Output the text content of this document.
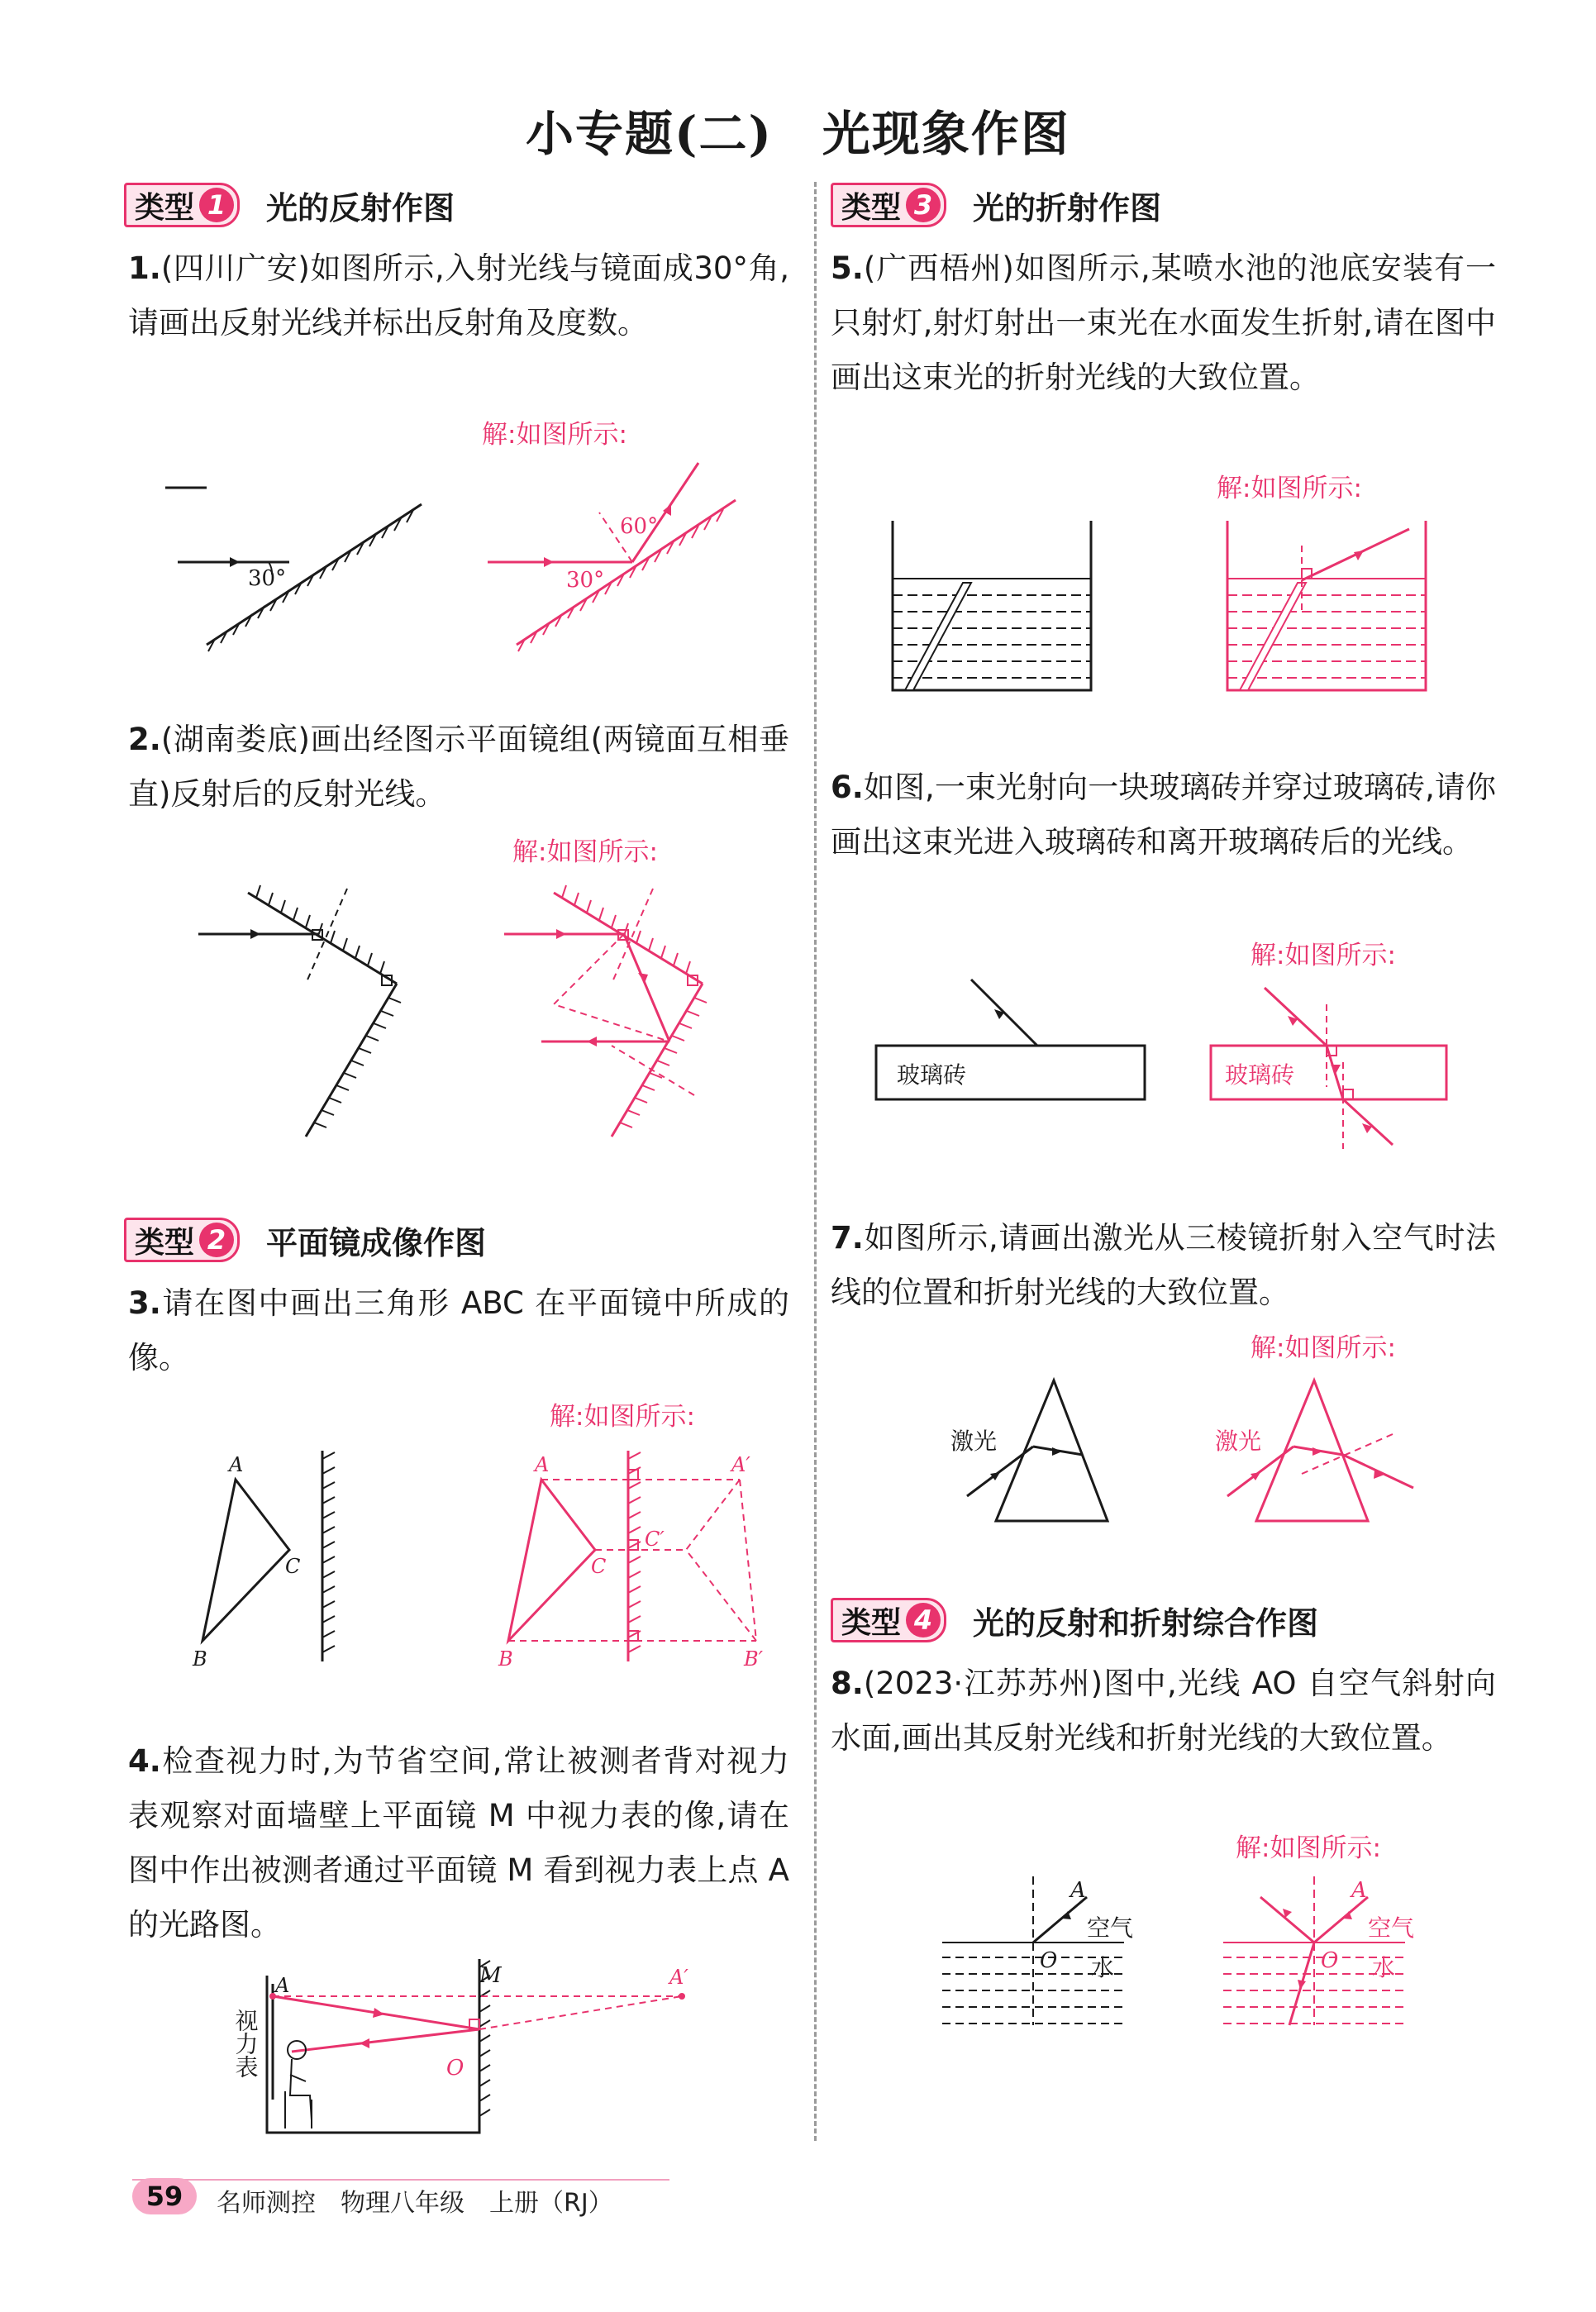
小专题(二)　光现象作图
类型 1 光的反射作图
1.(四川广安)如图所示,入射光线与镜面成30°角,请画出反射光线并标出反射角及度数。
解:如图所示:
30°	30°
60°
2.(湖南娄底)画出经图示平面镜组(两镜面互相垂直)反射后的反射光线。
解:如图所示:
类型 2 平面镜成像作图
3.请在图中画出三角形 ABC 在平面镜中所成的像。
解:如图所示:
A
C
B
A
C
B
A′
C′
B′
4.检查视力时,为节省空间,常让被测者背对视力表观察对面墙壁上平面镜 M 中视力表的像,请在图中作出被测者通过平面镜 M 看到视力表上点 A 的光路图。
M
O
A	A′
视力表
类型 3 光的折射作图
5.(广西梧州)如图所示,某喷水池的池底安装有一只射灯,射灯射出一束光在水面发生折射,请在图中画出这束光的折射光线的大致位置。
解:如图所示:
6.如图,一束光射向一块玻璃砖并穿过玻璃砖,请你画出这束光进入玻璃砖和离开玻璃砖后的光线。
解:如图所示:
玻璃砖	玻璃砖
7.如图所示,请画出激光从三棱镜折射入空气时法线的位置和折射光线的大致位置。
解:如图所示:
激光	激光
类型 4 光的反射和折射综合作图
8.(2023·江苏苏州)图中,光线 AO 自空气斜射向水面,画出其反射光线和折射光线的大致位置。
解:如图所示:
A
O
空气
水
A
O
空气
水
59	名师测控　物理八年级　上册（RJ）
